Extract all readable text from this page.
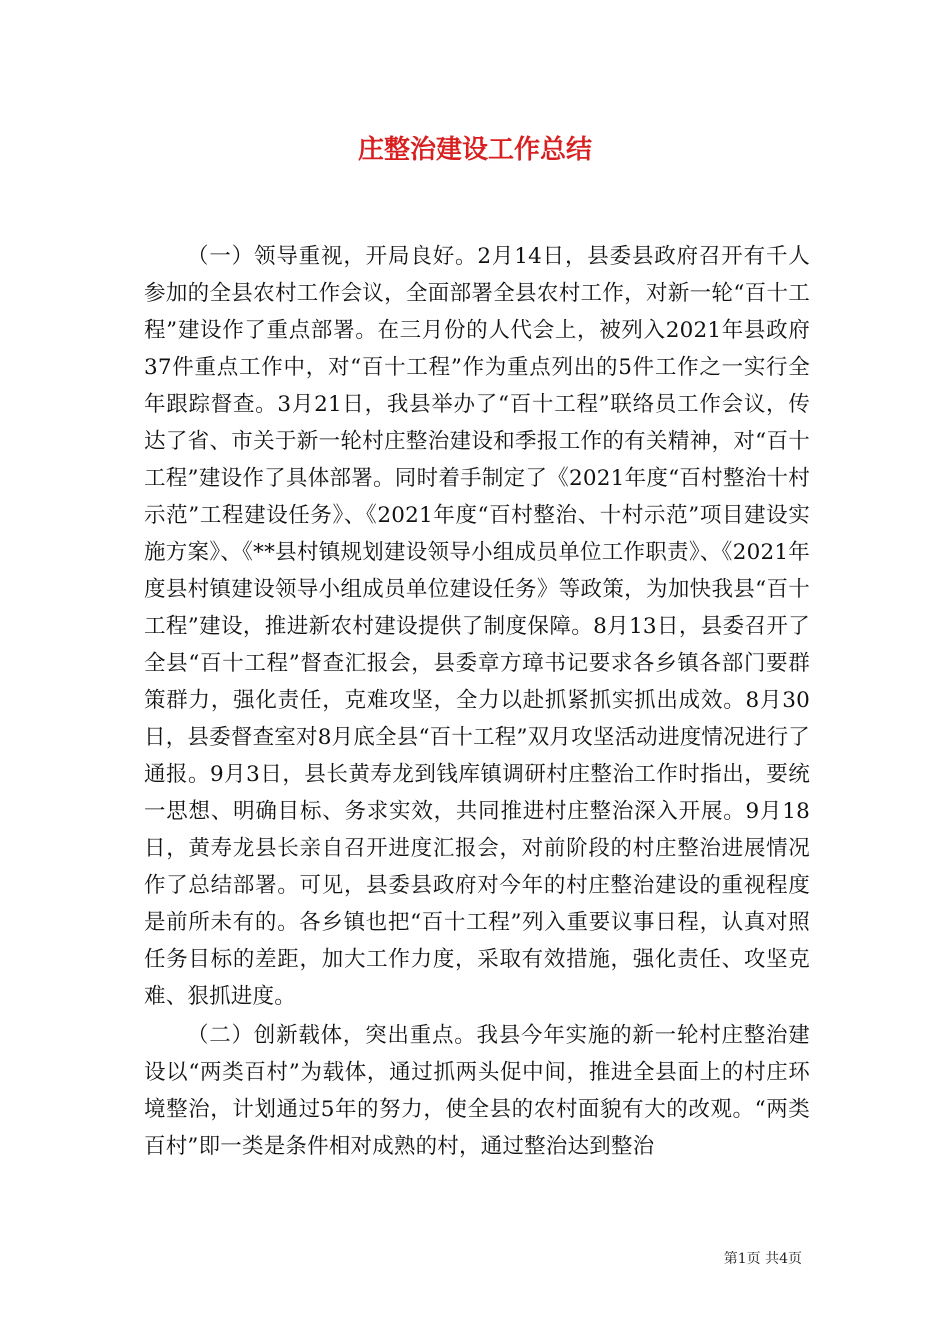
庄整治建设工作总结

（一）领导重视，开局良好。2月14日，县委县政府召开有千人参加的全县农村工作会议，全面部署全县农村工作，对新一轮“百十工程”建设作了重点部署。在三月份的人代会上，被列入2021年县政府37件重点工作中，对“百十工程”作为重点列出的5件工作之一实行全年跟踪督查。3月21日，我县举办了“百十工程”联络员工作会议，传达了省、市关于新一轮村庄整治建设和季报工作的有关精神，对“百十工程”建设作了具体部署。同时着手制定了《2021年度“百村整治十村示范”工程建设任务》、《2021年度“百村整治、十村示范”项目建设实施方案》、《**县村镇规划建设领导小组成员单位工作职责》、《2021年度县村镇建设领导小组成员单位建设任务》等政策，为加快我县“百十工程”建设，推进新农村建设提供了制度保障。8月13日，县委召开了全县“百十工程”督查汇报会，县委章方璋书记要求各乡镇各部门要群策群力，强化责任，克难攻坚，全力以赴抓紧抓实抓出成效。8月30日，县委督查室对8月底全县“百十工程”双月攻坚活动进度情况进行了通报。9月3日，县长黄寿龙到钱库镇调研村庄整治工作时指出，要统一思想、明确目标、务求实效，共同推进村庄整治深入开展。9月18日，黄寿龙县长亲自召开进度汇报会，对前阶段的村庄整治进展情况作了总结部署。可见，县委县政府对今年的村庄整治建设的重视程度是前所未有的。各乡镇也把“百十工程”列入重要议事日程，认真对照任务目标的差距，加大工作力度，采取有效措施，强化责任、攻坚克难、狠抓进度。

（二）创新载体，突出重点。我县今年实施的新一轮村庄整治建设以“两类百村”为载体，通过抓两头促中间，推进全县面上的村庄环境整治，计划通过5年的努力，使全县的农村面貌有大的改观。“两类百村”即一类是条件相对成熟的村，通过整治达到整治

第1页 共4页
